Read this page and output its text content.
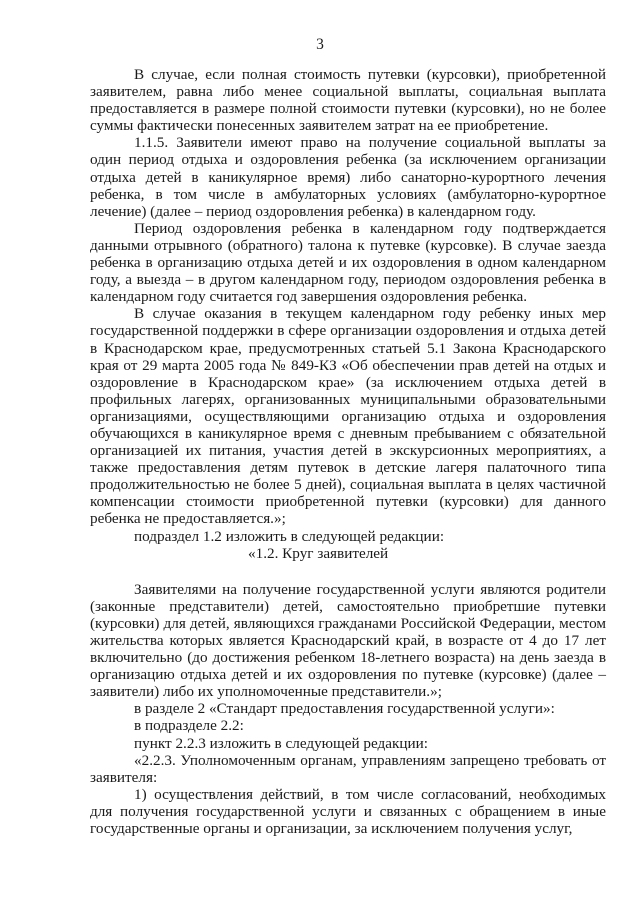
3

В случае, если полная стоимость путевки (курсовки), приобретенной заявителем, равна либо менее социальной выплаты, социальная выплата предоставляется в размере полной стоимости путевки (курсовки), но не более суммы фактически понесенных заявителем затрат на ее приобретение.

1.1.5. Заявители имеют право на получение социальной выплаты за один период отдыха и оздоровления ребенка (за исключением организации отдыха детей в каникулярное время) либо санаторно-курортного лечения ребенка, в том числе в амбулаторных условиях (амбулаторно-курортное лечение) (далее – период оздоровления ребенка) в календарном году.

Период оздоровления ребенка в календарном году подтверждается данными отрывного (обратного) талона к путевке (курсовке). В случае заезда ребенка в организацию отдыха детей и их оздоровления в одном календарном году, а выезда – в другом календарном году, периодом оздоровления ребенка в календарном году считается год завершения оздоровления ребенка.

В случае оказания в текущем календарном году ребенку иных мер государственной поддержки в сфере организации оздоровления и отдыха детей в Краснодарском крае, предусмотренных статьей 5.1 Закона Краснодарского края от 29 марта 2005 года № 849-КЗ «Об обеспечении прав детей на отдых и оздоровление в Краснодарском крае» (за исключением отдыха детей в профильных лагерях, организованных муниципальными образовательными организациями, осуществляющими организацию отдыха и оздоровления обучающихся в каникулярное время с дневным пребыванием с обязательной организацией их питания, участия детей в экскурсионных мероприятиях, а также предоставления детям путевок в детские лагеря палаточного типа продолжительностью не более 5 дней), социальная выплата в целях частичной компенсации стоимости приобретенной путевки (курсовки) для данного ребенка не предоставляется.»;

подраздел 1.2 изложить в следующей редакции:

«1.2. Круг заявителей

Заявителями на получение государственной услуги являются родители (законные представители) детей, самостоятельно приобретшие путевки (курсовки) для детей, являющихся гражданами Российской Федерации, местом жительства которых является Краснодарский край, в возрасте от 4 до 17 лет включительно (до достижения ребенком 18-летнего возраста) на день заезда в организацию отдыха детей и их оздоровления по путевке (курсовке) (далее – заявители) либо их уполномоченные представители.»;

в разделе 2 «Стандарт предоставления государственной услуги»:

в подразделе 2.2:

пункт 2.2.3 изложить в следующей редакции:

«2.2.3. Уполномоченным органам, управлениям запрещено требовать от заявителя:

1) осуществления действий, в том числе согласований, необходимых для получения государственной услуги и связанных с обращением в иные государственные органы и организации, за исключением получения услуг,
